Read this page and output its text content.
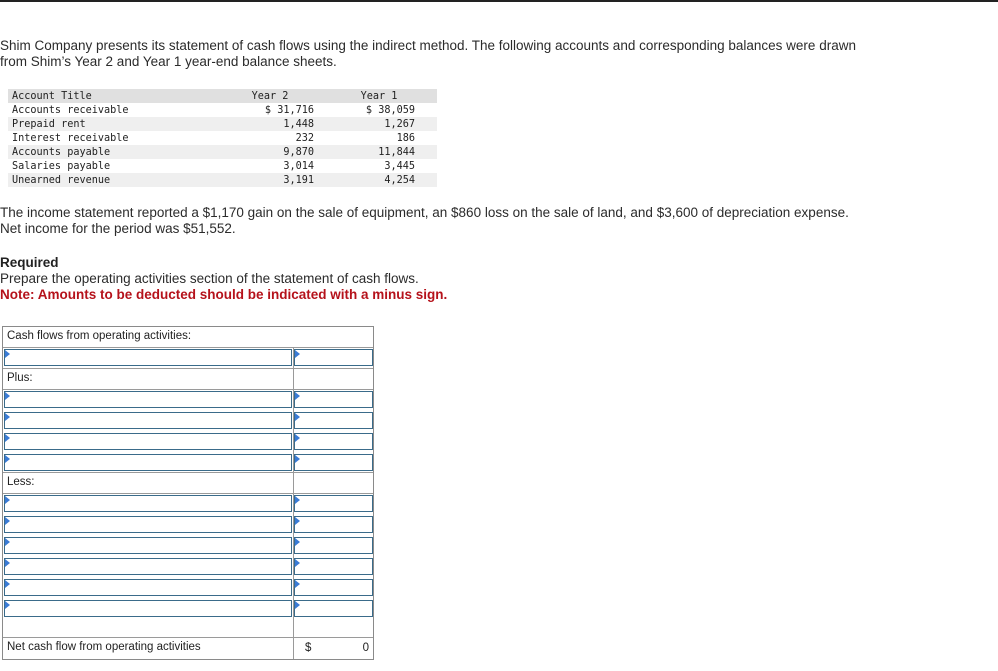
Shim Company presents its statement of cash flows using the indirect method. The following accounts and corresponding balances were drawn from Shim’s Year 2 and Year 1 year-end balance sheets.
Account Title	Year 2	Year 1
Accounts receivable	$ 31,716	$ 38,059
Prepaid rent	1,448	1,267
Interest receivable	232	186
Accounts payable	9,870	11,844
Salaries payable	3,014	3,445
Unearned revenue	3,191	4,254
The income statement reported a $1,170 gain on the sale of equipment, an $860 loss on the sale of land, and $3,600 of depreciation expense. Net income for the period was $51,552.
Required
Prepare the operating activities section of the statement of cash flows.
Note: Amounts to be deducted should be indicated with a minus sign.
Cash flows from operating activities:
Plus:
Less:
Net cash flow from operating activities	$	0
